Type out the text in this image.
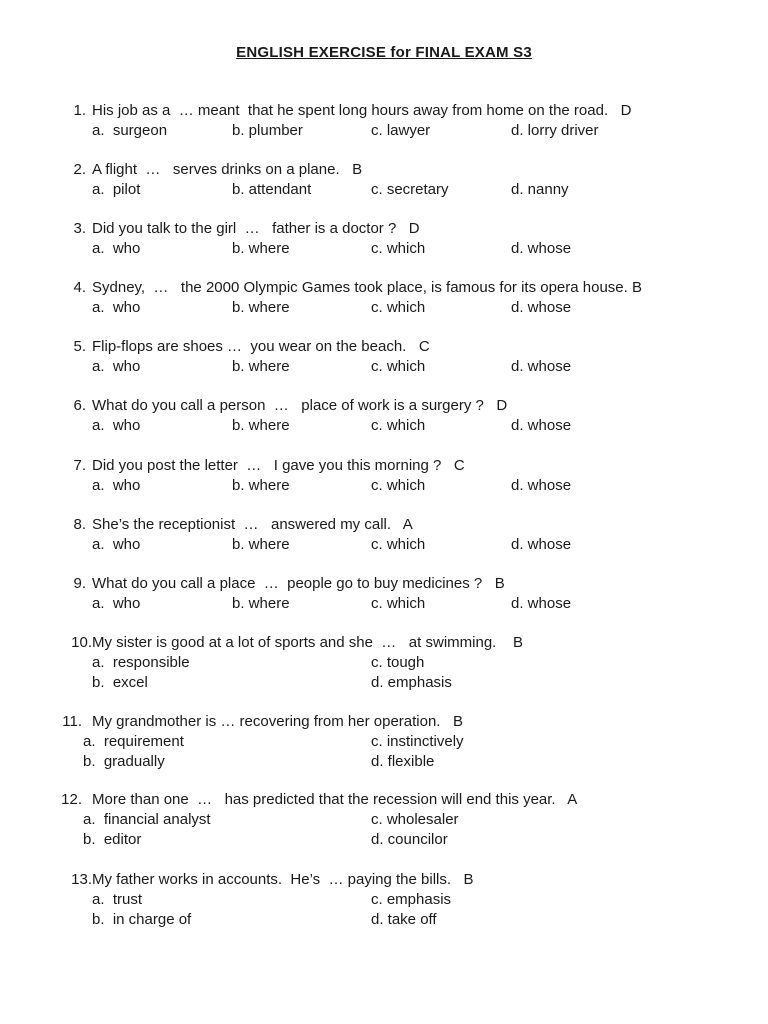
ENGLISH EXERCISE for FINAL EXAM S3
1. His job as a  … meant  that he spent long hours away from home on the road.   D
a.  surgeon	b. plumber	c. lawyer	d. lorry driver
2. A flight  …   serves drinks on a plane.   B
a.  pilot	b. attendant	c. secretary	d. nanny
3. Did you talk to the girl  …   father is a doctor ?   D
a.  who	b. where	c. which	d. whose
4. Sydney,  …   the 2000 Olympic Games took place, is famous for its opera house. B
a.  who	b. where	c. which	d. whose
5. Flip-flops are shoes …  you wear on the beach.   C
a.  who	b. where	c. which	d. whose
6. What do you call a person  …   place of work is a surgery ?   D
a.  who	b. where	c. which	d. whose
7. Did you post the letter  …   I gave you this morning ?   C
a.  who	b. where	c. which	d. whose
8. She’s the receptionist  …   answered my call.   A
a.  who	b. where	c. which	d. whose
9. What do you call a place  …  people go to buy medicines ?   B
a.  who	b. where	c. which	d. whose
10. My sister is good at a lot of sports and she  …   at swimming.    B
a.  responsible	c. tough
b.  excel	d. emphasis
11. My grandmother is … recovering from her operation.   B
a.  requirement	c. instinctively
b.  gradually	d. flexible
12. More than one  …   has predicted that the recession will end this year.   A
a.  financial analyst	c. wholesaler
b.  editor	d. councilor
13. My father works in accounts.  He’s  … paying the bills.   B
a.  trust	c. emphasis
b.  in charge of	d. take off
